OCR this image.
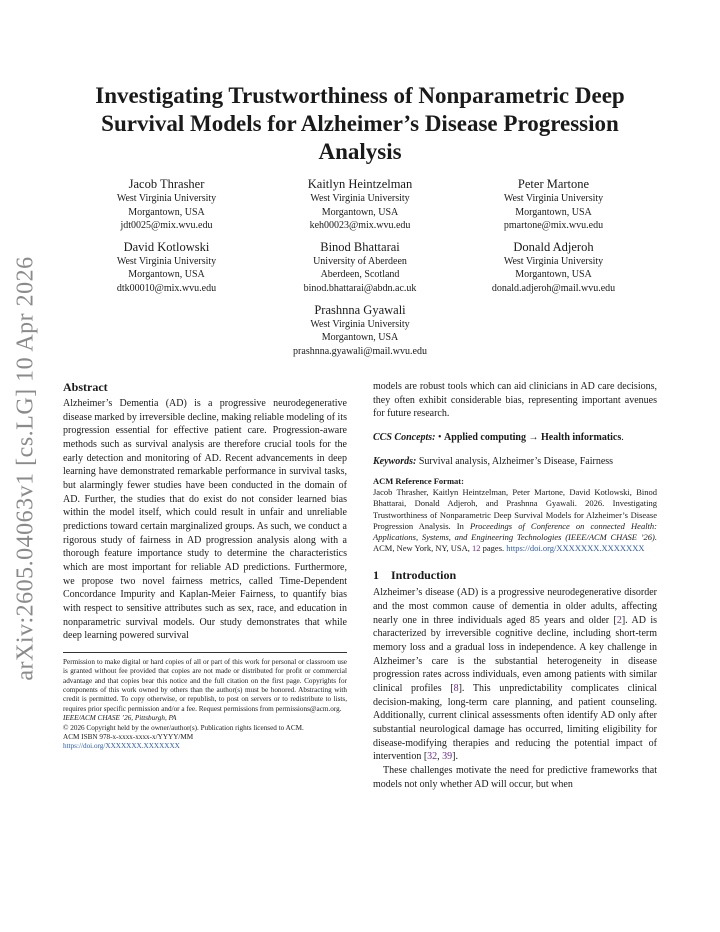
arXiv:2605.04063v1 [cs.LG] 10 Apr 2026
Investigating Trustworthiness of Nonparametric Deep Survival Models for Alzheimer’s Disease Progression Analysis
Jacob Thrasher
West Virginia University
Morgantown, USA
jdt0025@mix.wvu.edu
Kaitlyn Heintzelman
West Virginia University
Morgantown, USA
keh00023@mix.wvu.edu
Peter Martone
West Virginia University
Morgantown, USA
pmartone@mix.wvu.edu
David Kotlowski
West Virginia University
Morgantown, USA
dtk00010@mix.wvu.edu
Binod Bhattarai
University of Aberdeen
Aberdeen, Scotland
binod.bhattarai@abdn.ac.uk
Donald Adjeroh
West Virginia University
Morgantown, USA
donald.adjeroh@mail.wvu.edu
Prashnna Gyawali
West Virginia University
Morgantown, USA
prashnna.gyawali@mail.wvu.edu
Abstract

Alzheimer’s Dementia (AD) is a progressive neurodegenerative disease marked by irreversible decline, making reliable modeling of its progression essential for effective patient care. Progression-aware methods such as survival analysis are therefore crucial tools for the early detection and monitoring of AD. Recent advancements in deep learning have demonstrated remarkable performance in survival tasks, but alarmingly fewer studies have been conducted in the domain of AD. Further, the studies that do exist do not consider learned bias within the model itself, which could result in unfair and unreliable predictions toward certain marginalized groups. As such, we conduct a rigorous study of fairness in AD progression analysis along with a thorough feature importance study to determine the characteristics which are most important for reliable AD predictions. Furthermore, we propose two novel fairness metrics, called Time-Dependent Concordance Impurity and Kaplan-Meier Fairness, to quantify bias with respect to sensitive attributes such as sex, race, and education in nonparametric survival models. Our study demonstrates that while deep learning powered survival

Permission to make digital or hard copies of all or part of this work for personal or classroom use is granted without fee provided that copies are not made or distributed for profit or commercial advantage and that copies bear this notice and the full citation on the first page. Copyrights for components of this work owned by others than the author(s) must be honored. Abstracting with credit is permitted. To copy otherwise, or republish, to post on servers or to redistribute to lists, requires prior specific permission and/or a fee. Request permissions from permissions@acm.org.

IEEE/ACM CHASE ’26, Pittsburgh, PA

© 2026 Copyright held by the owner/author(s). Publication rights licensed to ACM.

ACM ISBN 978-x-xxxx-xxxx-x/YYYY/MM

https://doi.org/XXXXXXX.XXXXXXX

models are robust tools which can aid clinicians in AD care decisions, they often exhibit considerable bias, representing important avenues for future research.

CCS Concepts: • Applied computing → Health informatics.
Keywords: Survival analysis, Alzheimer’s Disease, Fairness
ACM Reference Format:

Jacob Thrasher, Kaitlyn Heintzelman, Peter Martone, David Kotlowski, Binod Bhattarai, Donald Adjeroh, and Prashnna Gyawali. 2026. Investigating Trustworthiness of Nonparametric Deep Survival Models for Alzheimer’s Disease Progression Analysis. In Proceedings of Conference on connected Health: Applications, Systems, and Engineering Technologies (IEEE/ACM CHASE ’26). ACM, New York, NY, USA, 12 pages. https://doi.org/XXXXXXX.XXXXXXX

1 Introduction

Alzheimer’s disease (AD) is a progressive neurodegenerative disorder and the most common cause of dementia in older adults, affecting nearly one in three individuals aged 85 years and older [2]. AD is characterized by irreversible cognitive decline, including short-term memory loss and a gradual loss in independence. A key challenge in Alzheimer’s care is the substantial heterogeneity in disease progression rates across individuals, even among patients with similar clinical profiles [8]. This unpredictability complicates clinical decision-making, long-term care planning, and patient counseling. Additionally, current clinical assessments often identify AD only after substantial neurological damage has occurred, limiting eligibility for disease-modifying therapies and reducing the potential impact of intervention [32, 39].

These challenges motivate the need for predictive frameworks that models not only whether AD will occur, but when
